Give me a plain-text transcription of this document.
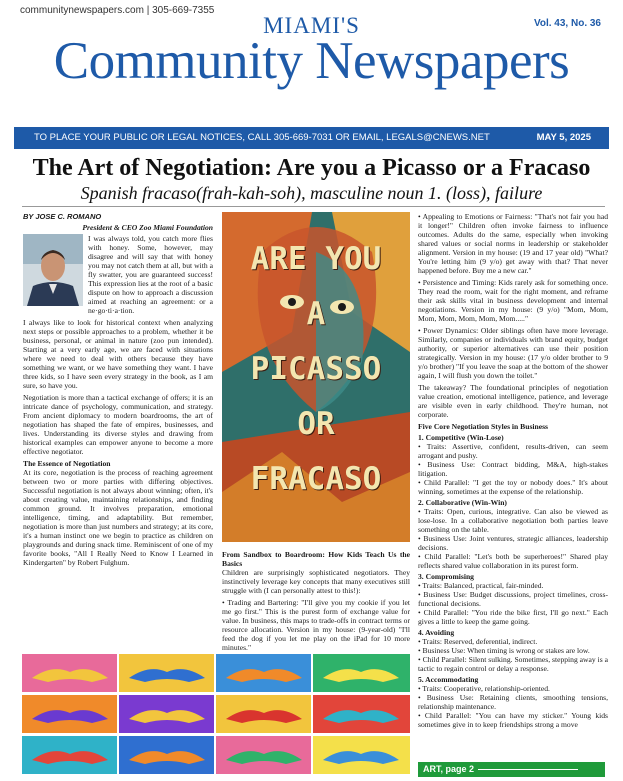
communitynewspapers.com | 305-669-7355
Vol. 43, No. 36
MIAMI'S
Community Newspapers
TO PLACE YOUR PUBLIC OR LEGAL NOTICES, CALL 305-669-7031 OR EMAIL, LEGALS@CNEWS.NET	MAY 5, 2025
The Art of Negotiation: Are you a Picasso or a Fracaso
Spanish fracaso(frah-kah-soh), masculine noun 1. (loss), failure
BY JOSE C. ROMANO
President & CEO Zoo Miami Foundation

I was always told, you catch more flies with honey. Some, however, may disagree and will say that with honey you may not catch them at all, but with a fly swatter, you are guaranteed success! This expression lies at the root of a basic dispute on how to approach a discussion aimed at reaching an agreement: or a ne·go·ti·a·tion.

I always like to look for historical context when analyzing next steps or possible approaches to a problem, whether it be business, personal, or animal in nature (zoo pun intended). Starting at a very early age, we are faced with situations where we need to deal with others because they have something we want, or we have something they want. I have three kids, so I have seen every strategy in the book, as I am sure, so have you.

Negotiation is more than a tactical exchange of offers; it is an intricate dance of psychology, communication, and strategy. From ancient diplomacy to modern boardrooms, the art of negotiation has shaped the fate of empires, businesses, and lives. Understanding its diverse styles and drawing from historical examples can empower anyone to become a more effective negotiator.

The Essence of Negotiation

At its core, negotiation is the process of reaching agreement between two or more parties with differing objectives. Successful negotiation is not always about winning; often, it's about creating value, maintaining relationships, and finding common ground. It involves preparation, emotional intelligence, timing, and adaptability. But remember, negotiation is more than just numbers and strategy; at its core, it's a human instinct one we begin to practice as children on playgrounds and during snack time. Reminiscent of one of my favorite books, "All I Really Need to Know I Learned in Kindergarten" by Robert Fulghum.

ARE YOU
A
PICASSO
OR
FRACASO
From Sandbox to Boardroom: How Kids Teach Us the Basics

Children are surprisingly sophisticated negotiators. They instinctively leverage key concepts that many executives still struggle with (I can personally attest to this!):

• Trading and Bartering: "I'll give you my cookie if you let me go first." This is the purest form of exchange value for value. In business, this maps to trade-offs in contract terms or resource allocation. Version in my house: (9-year-old) "I'll feed the dog if you let me play on the iPad for 10 more minutes."

• Appealing to Emotions or Fairness: "That's not fair you had it longer!" Children often invoke fairness to influence outcomes. Adults do the same, especially when invoking shared values or social norms in leadership or stakeholder alignment. Version in my house: (19 and 17 year old) "What? You're letting him (9 y/o) get away with that? That never happened before. Buy me a new car."

• Persistence and Timing: Kids rarely ask for something once. They read the room, wait for the right moment, and reframe their ask skills vital in business development and internal negotiations. Version in my house: (9 y/o) "Mom, Mom, Mom, Mom, Mom, Mom, Mom....."

• Power Dynamics: Older siblings often have more leverage. Similarly, companies or individuals with brand equity, budget authority, or superior alternatives can use their position strategically. Version in my house: (17 y/o older brother to 9 y/o brother) "If you leave the soap at the bottom of the shower again, I will flush you down the toilet."

The takeaway? The foundational principles of negotiation value creation, emotional intelligence, patience, and leverage are visible even in early childhood. They're human, not corporate.

Five Core Negotiation Styles in Business
1. Competitive (Win-Lose)
• Traits: Assertive, confident, results-driven, can seem arrogant and pushy.
• Business Use: Contract bidding, M&A, high-stakes litigation.
• Child Parallel: "I get the toy or nobody does." It's about winning, sometimes at the expense of the relationship.
2. Collaborative (Win-Win)
• Traits: Open, curious, integrative. Can also be viewed as lose-lose. In a collaborative negotiation both parties leave something on the table.
• Business Use: Joint ventures, strategic alliances, leadership decisions.
• Child Parallel: "Let's both be superheroes!" Shared play reflects shared value collaboration in its purest form.
3. Compromising
• Traits: Balanced, practical, fair-minded.
• Business Use: Budget discussions, project timelines, cross-functional decisions.
• Child Parallel: "You ride the bike first, I'll go next." Each gives a little to keep the game going.
4. Avoiding
• Traits: Reserved, deferential, indirect.
• Business Use: When timing is wrong or stakes are low.
• Child Parallel: Silent sulking. Sometimes, stepping away is a tactic to regain control or delay a response.
5. Accommodating
• Traits: Cooperative, relationship-oriented.
• Business Use: Retaining clients, smoothing tensions, relationship maintenance.
• Child Parallel: "You can have my sticker." Young kids sometimes give in to keep friendships strong a move
ART, page 2
